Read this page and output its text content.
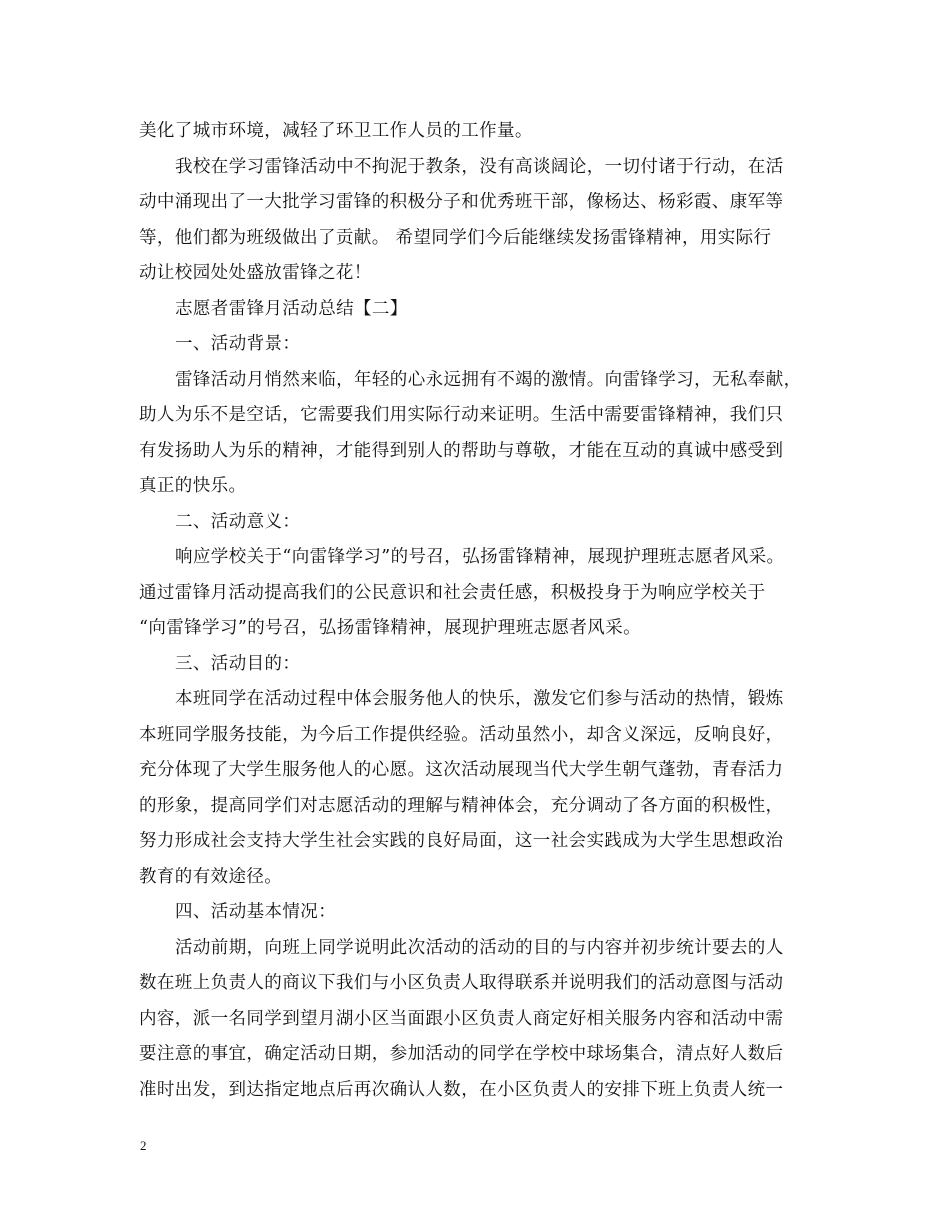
美化了城市环境，减轻了环卫工作人员的工作量。
我校在学习雷锋活动中不拘泥于教条，没有高谈阔论，一切付诸于行动，在活
动中涌现出了一大批学习雷锋的积极分子和优秀班干部，像杨达、杨彩霞、康军等
等，他们都为班级做出了贡献。 希望同学们今后能继续发扬雷锋精神，用实际行
动让校园处处盛放雷锋之花！
志愿者雷锋月活动总结【二】
一、活动背景：
雷锋活动月悄然来临，年轻的心永远拥有不竭的激情。向雷锋学习，无私奉献，
助人为乐不是空话，它需要我们用实际行动来证明。生活中需要雷锋精神，我们只
有发扬助人为乐的精神，才能得到别人的帮助与尊敬，才能在互动的真诚中感受到
真正的快乐。
二、活动意义：
响应学校关于“向雷锋学习”的号召，弘扬雷锋精神，展现护理班志愿者风采。
通过雷锋月活动提高我们的公民意识和社会责任感，积极投身于为响应学校关于
“向雷锋学习”的号召，弘扬雷锋精神，展现护理班志愿者风采。
三、活动目的：
本班同学在活动过程中体会服务他人的快乐，激发它们参与活动的热情，锻炼
本班同学服务技能，为今后工作提供经验。活动虽然小，却含义深远，反响良好，
充分体现了大学生服务他人的心愿。这次活动展现当代大学生朝气蓬勃，青春活力
的形象，提高同学们对志愿活动的理解与精神体会，充分调动了各方面的积极性，
努力形成社会支持大学生社会实践的良好局面，这一社会实践成为大学生思想政治
教育的有效途径。
四、活动基本情况：
活动前期，向班上同学说明此次活动的活动的目的与内容并初步统计要去的人
数在班上负责人的商议下我们与小区负责人取得联系并说明我们的活动意图与活动
内容，派一名同学到望月湖小区当面跟小区负责人商定好相关服务内容和活动中需
要注意的事宜，确定活动日期，参加活动的同学在学校中球场集合，清点好人数后
准时出发，到达指定地点后再次确认人数，在小区负责人的安排下班上负责人统一
2
